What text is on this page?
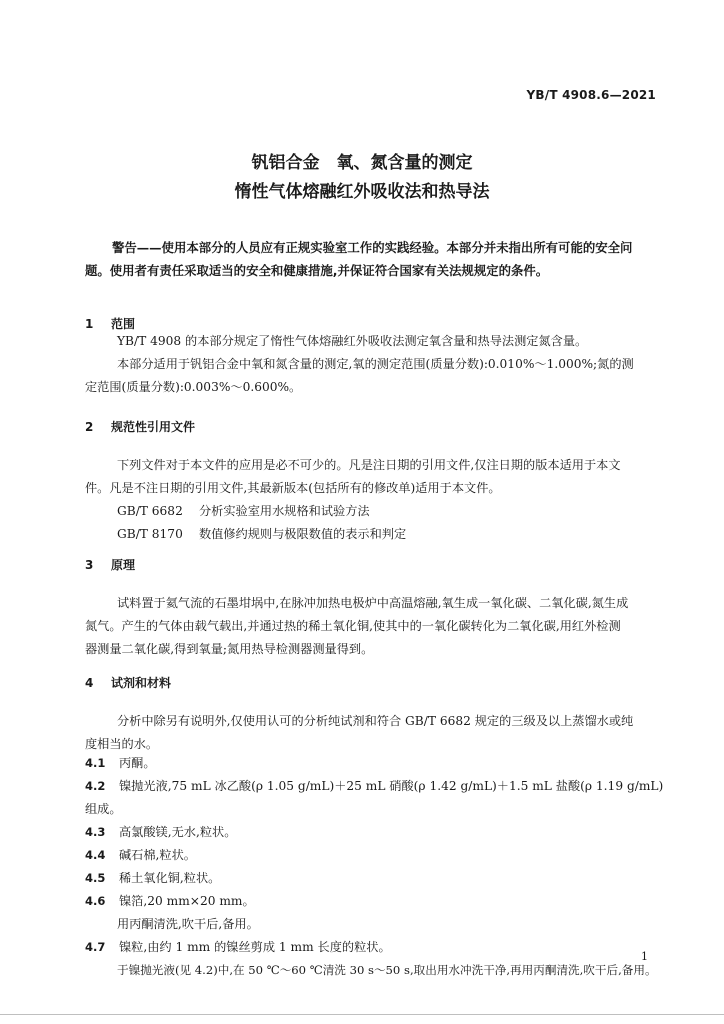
YB/T 4908.6—2021
钒铝合金　氧、氮含量的测定
惰性气体熔融红外吸收法和热导法
警告——使用本部分的人员应有正规实验室工作的实践经验。本部分并未指出所有可能的安全问
题。使用者有责任采取适当的安全和健康措施,并保证符合国家有关法规规定的条件。
1 范围
YB/T 4908 的本部分规定了惰性气体熔融红外吸收法测定氧含量和热导法测定氮含量。
本部分适用于钒铝合金中氧和氮含量的测定,氧的测定范围(质量分数):0.010%～1.000%;氮的测
定范围(质量分数):0.003%～0.600%。
2 规范性引用文件
下列文件对于本文件的应用是必不可少的。凡是注日期的引用文件,仅注日期的版本适用于本文
件。凡是不注日期的引用文件,其最新版本(包括所有的修改单)适用于本文件。
GB/T 6682 分析实验室用水规格和试验方法
GB/T 8170 数值修约规则与极限数值的表示和判定
3 原理
试料置于氦气流的石墨坩埚中,在脉冲加热电极炉中高温熔融,氧生成一氧化碳、二氧化碳,氮生成
氮气。产生的气体由载气载出,并通过热的稀土氧化铜,使其中的一氧化碳转化为二氧化碳,用红外检测
器测量二氧化碳,得到氧量;氮用热导检测器测量得到。
4 试剂和材料
分析中除另有说明外,仅使用认可的分析纯试剂和符合 GB/T 6682 规定的三级及以上蒸馏水或纯
度相当的水。
4.1 丙酮。
4.2 镍抛光液,75 mL 冰乙酸(ρ 1.05 g/mL)＋25 mL 硝酸(ρ 1.42 g/mL)＋1.5 mL 盐酸(ρ 1.19 g/mL)
组成。
4.3 高氯酸镁,无水,粒状。
4.4 碱石棉,粒状。
4.5 稀土氧化铜,粒状。
4.6 镍箔,20 mm×20 mm。
用丙酮清洗,吹干后,备用。
4.7 镍粒,由约 1 mm 的镍丝剪成 1 mm 长度的粒状。
于镍抛光液(见 4.2)中,在 50 ℃～60 ℃清洗 30 s～50 s,取出用水冲洗干净,再用丙酮清洗,吹干后,备用。
1
